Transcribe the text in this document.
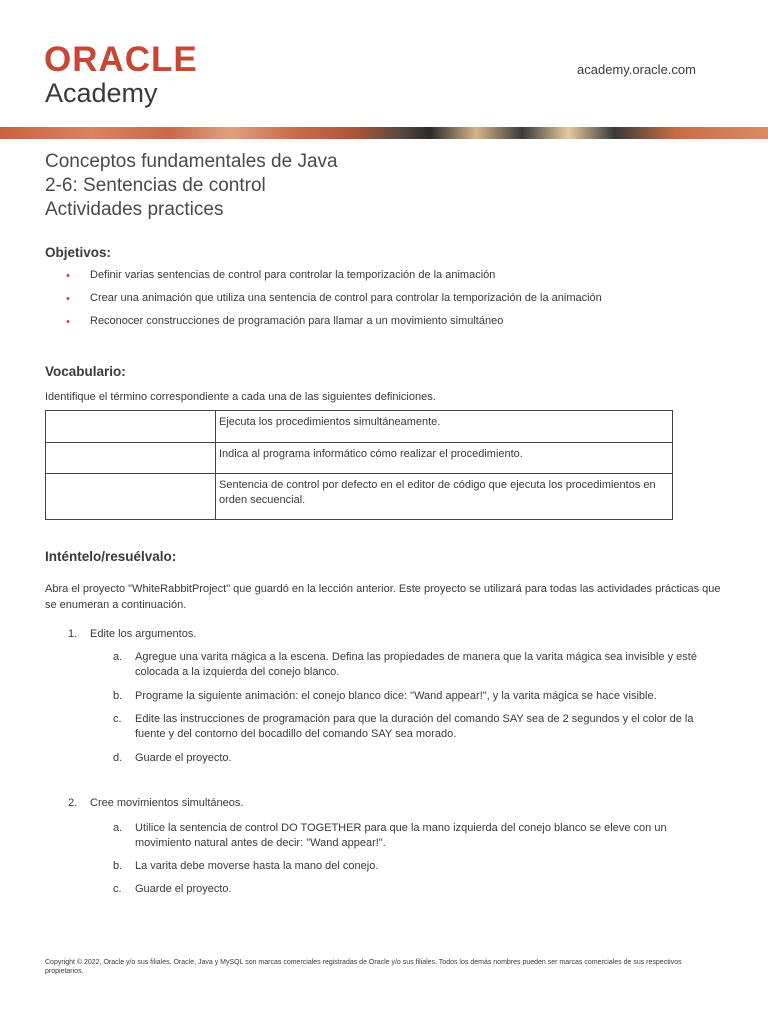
ORACLE
Academy
academy.oracle.com
Conceptos fundamentales de Java
2-6: Sentencias de control
Actividades practices
Objetivos:
• Definir varias sentencias de control para controlar la temporización de la animación
• Crear una animación que utiliza una sentencia de control para controlar la temporización de la animación
• Reconocer construcciones de programación para llamar a un movimiento simultáneo
Vocabulario:
Identifique el término correspondiente a cada una de las siguientes definiciones.
	Ejecuta los procedimientos simultáneamente.
	Indica al programa informático cómo realizar el procedimiento.
	Sentencia de control por defecto en el editor de código que ejecuta los procedimientos en orden secuencial.
Inténtelo/resuélvalo:
Abra el proyecto "WhiteRabbitProject" que guardó en la lección anterior. Este proyecto se utilizará para todas las actividades prácticas que se enumeran a continuación.
1. Edite los argumentos.
a. Agregue una varita mágica a la escena. Defina las propiedades de manera que la varita mágica sea invisible y esté colocada a la izquierda del conejo blanco.
b. Programe la siguiente animación: el conejo blanco dice: "Wand appear!", y la varita mágica se hace visible.
c. Edite las instrucciones de programación para que la duración del comando SAY sea de 2 segundos y el color de la fuente y del contorno del bocadillo del comando SAY sea morado.
d. Guarde el proyecto.
2. Cree movimientos simultáneos.
a. Utilice la sentencia de control DO TOGETHER para que la mano izquierda del conejo blanco se eleve con un movimiento natural antes de decir: "Wand appear!".
b. La varita debe moverse hasta la mano del conejo.
c. Guarde el proyecto.
Copyright © 2022, Oracle y/o sus filiales. Oracle, Java y MySQL son marcas comerciales registradas de Oracle y/o sus filiales. Todos los demás nombres pueden ser marcas comerciales de sus respectivos propietarios.
